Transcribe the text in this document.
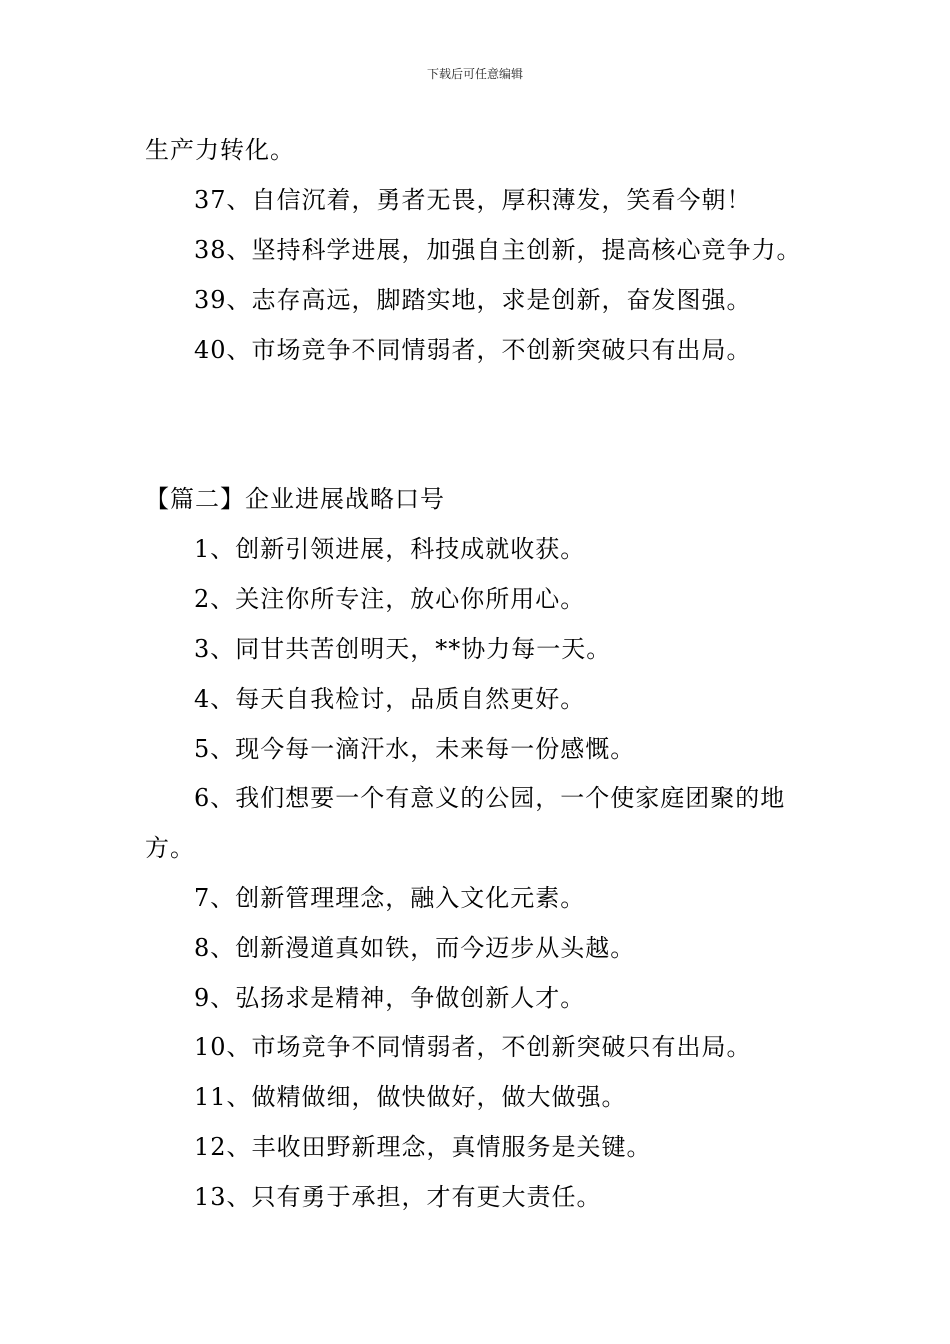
下载后可任意编辑
生产力转化。
37、自信沉着，勇者无畏，厚积薄发，笑看今朝！
38、坚持科学进展，加强自主创新，提高核心竞争力。
39、志存高远，脚踏实地，求是创新，奋发图强。
40、市场竞争不同情弱者，不创新突破只有出局。
【篇二】企业进展战略口号
1、创新引领进展，科技成就收获。
2、关注你所专注，放心你所用心。
3、同甘共苦创明天，**协力每一天。
4、每天自我检讨，品质自然更好。
5、现今每一滴汗水，未来每一份感慨。
6、我们想要一个有意义的公园，一个使家庭团聚的地
方。
7、创新管理理念，融入文化元素。
8、创新漫道真如铁，而今迈步从头越。
9、弘扬求是精神，争做创新人才。
10、市场竞争不同情弱者，不创新突破只有出局。
11、做精做细，做快做好，做大做强。
12、丰收田野新理念，真情服务是关键。
13、只有勇于承担，才有更大责任。
